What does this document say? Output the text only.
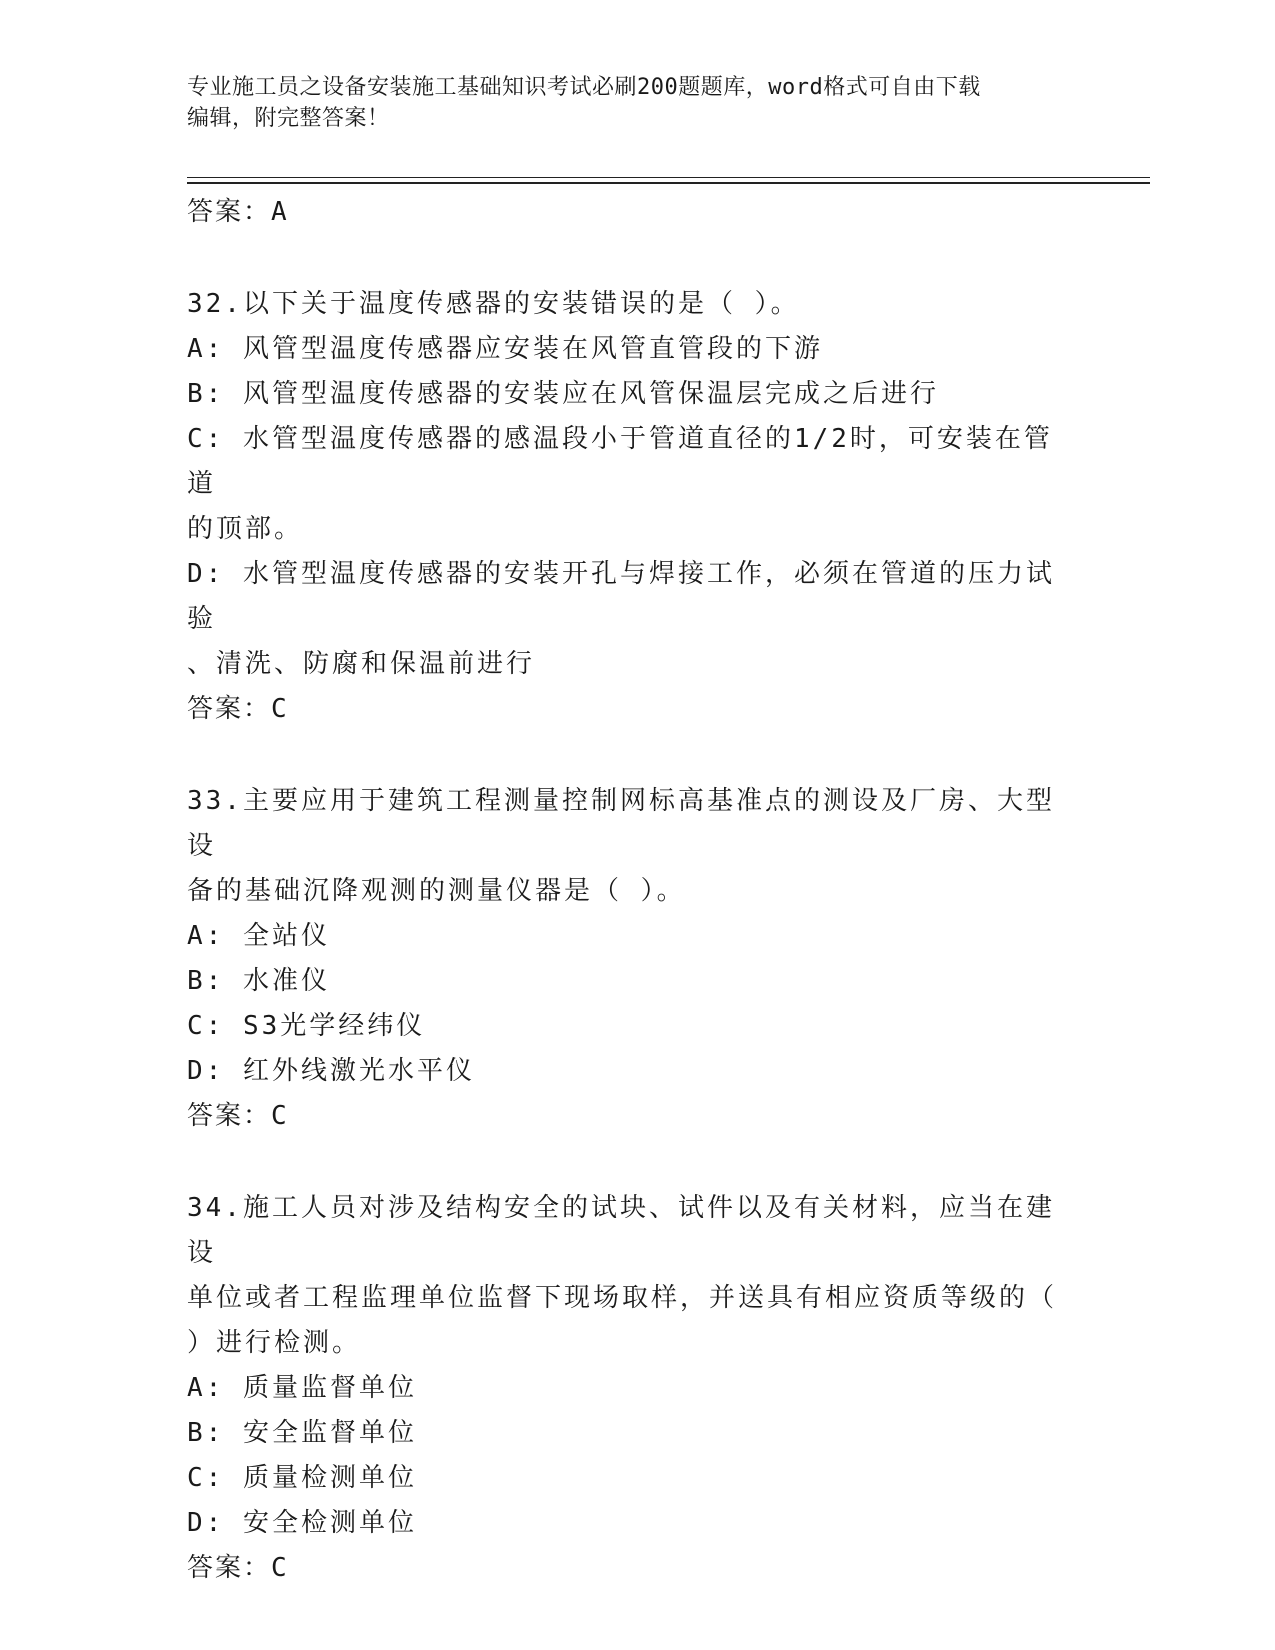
专业施工员之设备安装施工基础知识考试必刷200题题库，word格式可自由下载
编辑，附完整答案！
答案：A
32.以下关于温度传感器的安装错误的是（ ）。
A: 风管型温度传感器应安装在风管直管段的下游
B: 风管型温度传感器的安装应在风管保温层完成之后进行
C: 水管型温度传感器的感温段小于管道直径的1/2时，可安装在管道
的顶部。
D: 水管型温度传感器的安装开孔与焊接工作，必须在管道的压力试验
、清洗、防腐和保温前进行
答案：C
33.主要应用于建筑工程测量控制网标高基准点的测设及厂房、大型设
备的基础沉降观测的测量仪器是（ ）。
A: 全站仪
B: 水准仪
C: S3光学经纬仪
D: 红外线激光水平仪
答案：C
34.施工人员对涉及结构安全的试块、试件以及有关材料，应当在建设
单位或者工程监理单位监督下现场取样，并送具有相应资质等级的（
）进行检测。
A: 质量监督单位
B: 安全监督单位
C: 质量检测单位
D: 安全检测单位
答案：C
